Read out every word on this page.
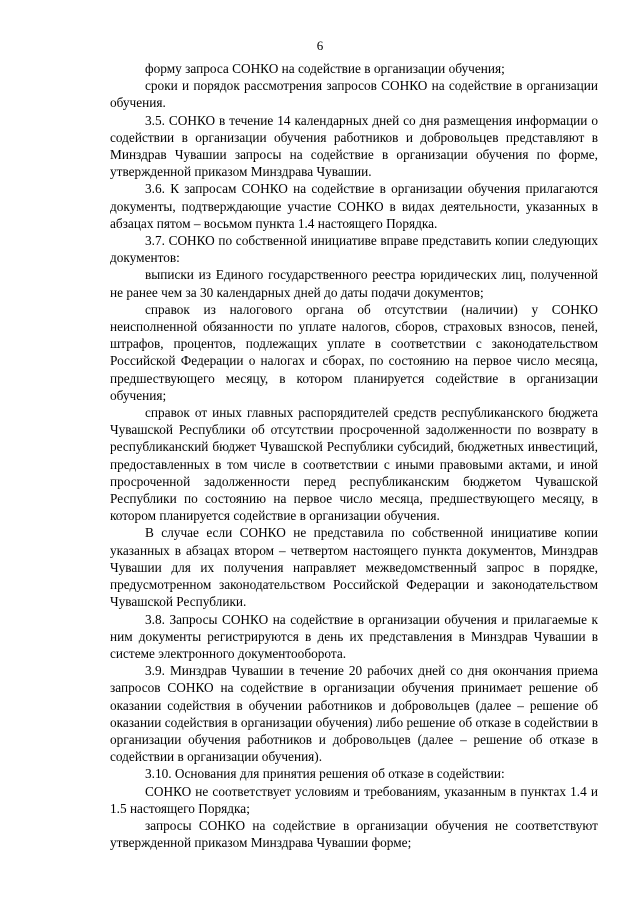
6

форму запроса СОНКО на содействие в организации обучения;

сроки и порядок рассмотрения запросов СОНКО на содействие в организации обучения.

3.5. СОНКО в течение 14 календарных дней со дня размещения информации о содействии в организации обучения работников и добровольцев представляют в Минздрав Чувашии запросы на содействие в организации обучения по форме, утвержденной приказом Минздрава Чувашии.

3.6. К запросам СОНКО на содействие в организации обучения прилагаются документы, подтверждающие участие СОНКО в видах деятельности, указанных в абзацах пятом – восьмом пункта 1.4 настоящего Порядка.

3.7. СОНКО по собственной инициативе вправе представить копии следующих документов:

выписки из Единого государственного реестра юридических лиц, полученной не ранее чем за 30 календарных дней до даты подачи документов;

справок из налогового органа об отсутствии (наличии) у СОНКО неисполненной обязанности по уплате налогов, сборов, страховых взносов, пеней, штрафов, процентов, подлежащих уплате в соответствии с законодательством Российской Федерации о налогах и сборах, по состоянию на первое число месяца, предшествующего месяцу, в котором планируется содействие в организации обучения;

справок от иных главных распорядителей средств республиканского бюджета Чувашской Республики об отсутствии просроченной задолженности по возврату в республиканский бюджет Чувашской Республики субсидий, бюджетных инвестиций, предоставленных в том числе в соответствии с иными правовыми актами, и иной просроченной задолженности перед республиканским бюджетом Чувашской Республики по состоянию на первое число месяца, предшествующего месяцу, в котором планируется содействие в организации обучения.

В случае если СОНКО не представила по собственной инициативе копии указанных в абзацах втором – четвертом настоящего пункта документов, Минздрав Чувашии для их получения направляет межведомственный запрос в порядке, предусмотренном законодательством Российской Федерации и законодательством Чувашской Республики.

3.8. Запросы СОНКО на содействие в организации обучения и прилагаемые к ним документы регистрируются в день их представления в Минздрав Чувашии в системе электронного документооборота.

3.9. Минздрав Чувашии в течение 20 рабочих дней со дня окончания приема запросов СОНКО на содействие в организации обучения принимает решение об оказании содействия в обучении работников и добровольцев (далее – решение об оказании содействия в организации обучения) либо решение об отказе в содействии в организации обучения работников и добровольцев (далее – решение об отказе в содействии в организации обучения).

3.10. Основания для принятия решения об отказе в содействии:

СОНКО не соответствует условиям и требованиям, указанным в пунктах 1.4 и 1.5 настоящего Порядка;

запросы СОНКО на содействие в организации обучения не соответствуют утвержденной приказом Минздрава Чувашии форме;
